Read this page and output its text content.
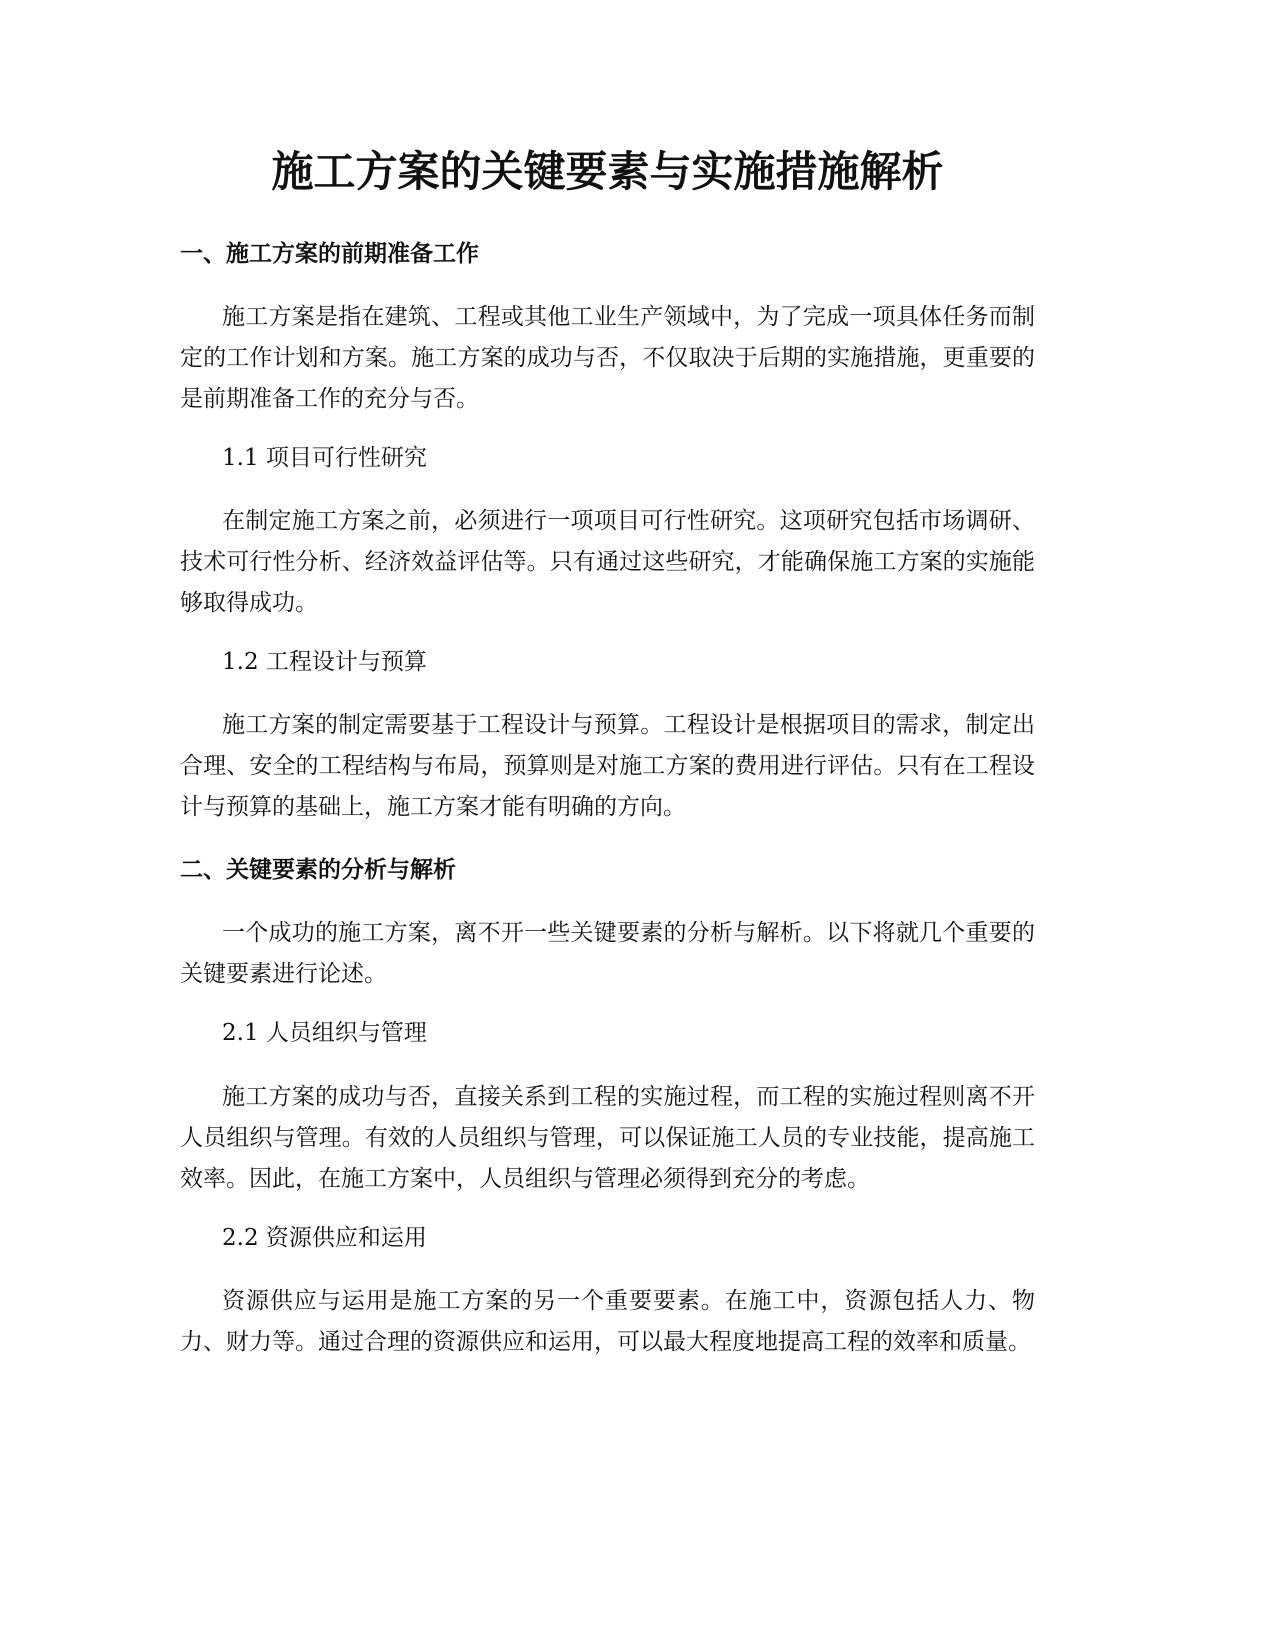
施工方案的关键要素与实施措施解析
一、施工方案的前期准备工作

施工方案是指在建筑、工程或其他工业生产领域中，为了完成一项具体任务而制定的工作计划和方案。施工方案的成功与否，不仅取决于后期的实施措施，更重要的是前期准备工作的充分与否。

1.1 项目可行性研究

在制定施工方案之前，必须进行一项项目可行性研究。这项研究包括市场调研、技术可行性分析、经济效益评估等。只有通过这些研究，才能确保施工方案的实施能够取得成功。

1.2 工程设计与预算

施工方案的制定需要基于工程设计与预算。工程设计是根据项目的需求，制定出合理、安全的工程结构与布局，预算则是对施工方案的费用进行评估。只有在工程设计与预算的基础上，施工方案才能有明确的方向。

二、关键要素的分析与解析

一个成功的施工方案，离不开一些关键要素的分析与解析。以下将就几个重要的关键要素进行论述。

2.1 人员组织与管理

施工方案的成功与否，直接关系到工程的实施过程，而工程的实施过程则离不开人员组织与管理。有效的人员组织与管理，可以保证施工人员的专业技能，提高施工效率。因此，在施工方案中，人员组织与管理必须得到充分的考虑。

2.2 资源供应和运用

资源供应与运用是施工方案的另一个重要要素。在施工中，资源包括人力、物力、财力等。通过合理的资源供应和运用，可以最大程度地提高工程的效率和质量。
